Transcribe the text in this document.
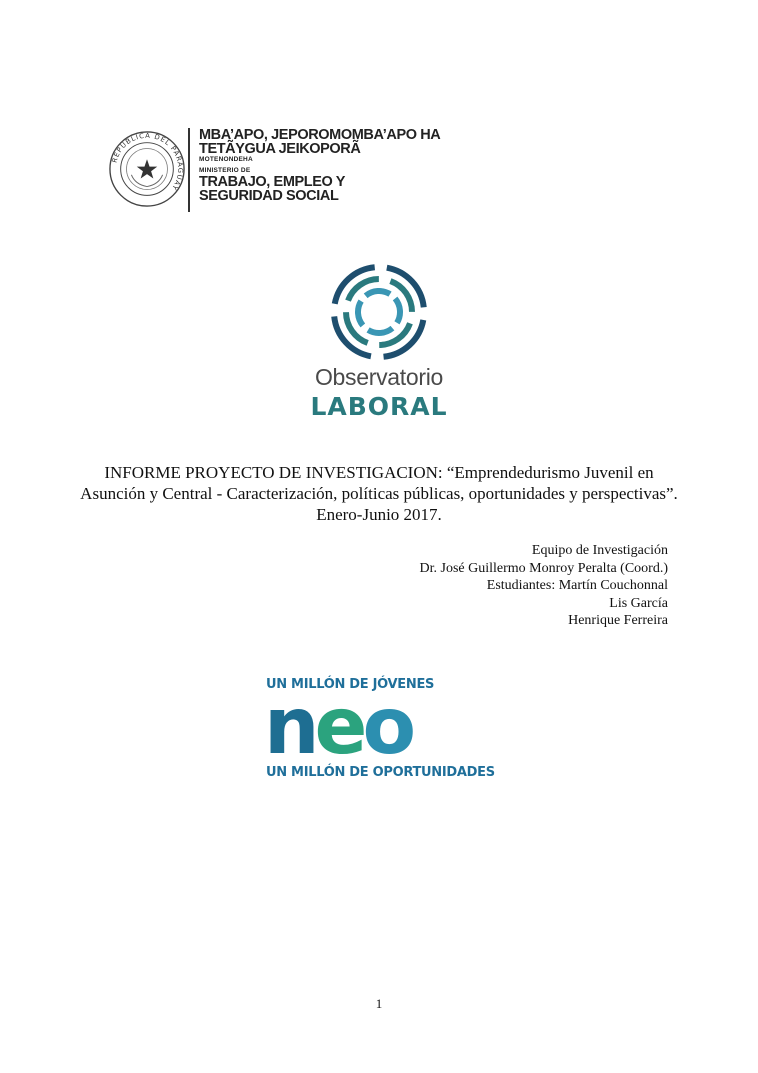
REPÚBLICA DEL PARAGUAY
MBA’APO, JEPOROMOMBA’APO HA
TETÃYGUA JEIKOPORÃ
MOTENONDEHA
MINISTERIO DE
TRABAJO, EMPLEO Y
SEGURIDAD SOCIAL
Observatorio
LABORAL
INFORME PROYECTO DE INVESTIGACION: “Emprendedurismo Juvenil en Asunción y Central - Caracterización, políticas públicas, oportunidades y perspectivas”. Enero-Junio 2017.
Equipo de Investigación
Dr. José Guillermo Monroy Peralta (Coord.)
Estudiantes: Martín Couchonnal
Lis García
Henrique Ferreira
UN MILLÓN DE JÓVENES
neo
UN MILLÓN DE OPORTUNIDADES
1
